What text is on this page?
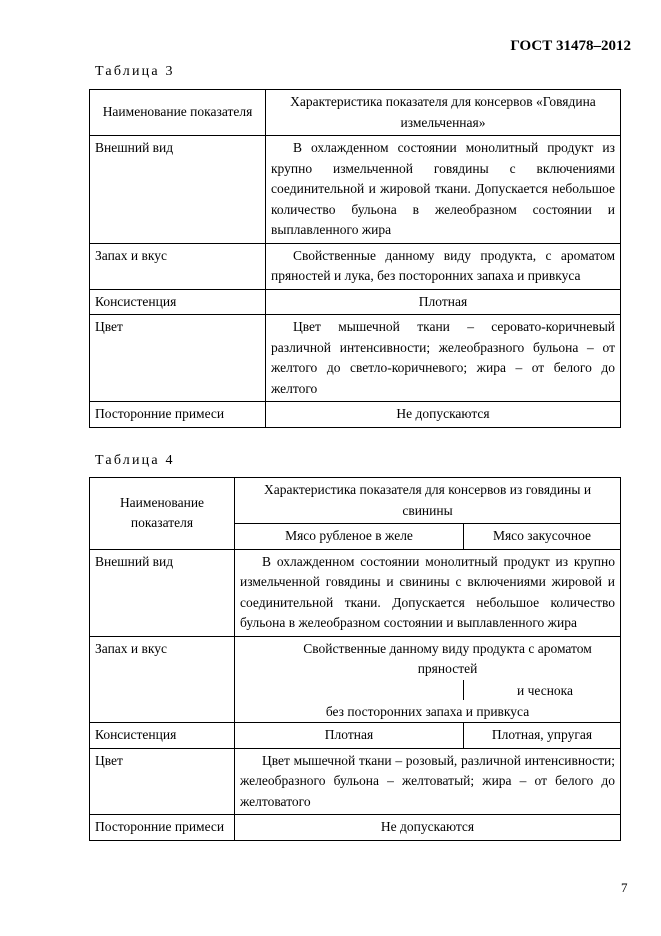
ГОСТ 31478–2012
Таблица 3
Наименование показателя	Характеристика показателя для консервов «Говядина измельченная»
Внешний вид	В охлажденном состоянии монолитный продукт из крупно измельченной говядины с включениями соединительной и жировой ткани. Допускается небольшое количество бульона в желеобразном состоянии и выплавленного жира
Запах и вкус	Свойственные данному виду продукта, с ароматом пряностей и лука, без посторонних запаха и привкуса
Консистенция	Плотная
Цвет	Цвет мышечной ткани – серовато-коричневый различной интенсивности; желеобразного бульона – от желтого до светло-коричневого; жира – от белого до желтого
Посторонние примеси	Не допускаются
Таблица 4
Наименование показателя	Характеристика показателя для консервов из говядины и свинины	
	Мясо рубленое в желе	Мясо закусочное
Внешний вид	В охлажденном состоянии монолитный продукт из крупно измельченной говядины и свинины с включениями жировой и соединительной ткани. Допускается небольшое количество бульона в желеобразном состоянии и выплавленного жира	
Запах и вкус	Свойственные данному виду продукта с ароматом пряностей
и чеснока
без посторонних запаха и привкуса	

Консистенция	Плотная	Плотная, упругая
Цвет	Цвет мышечной ткани – розовый, различной интенсивности; желеобразного бульона – желтоватый; жира – от белого до желтоватого	
Посторонние примеси	Не допускаются	
7
